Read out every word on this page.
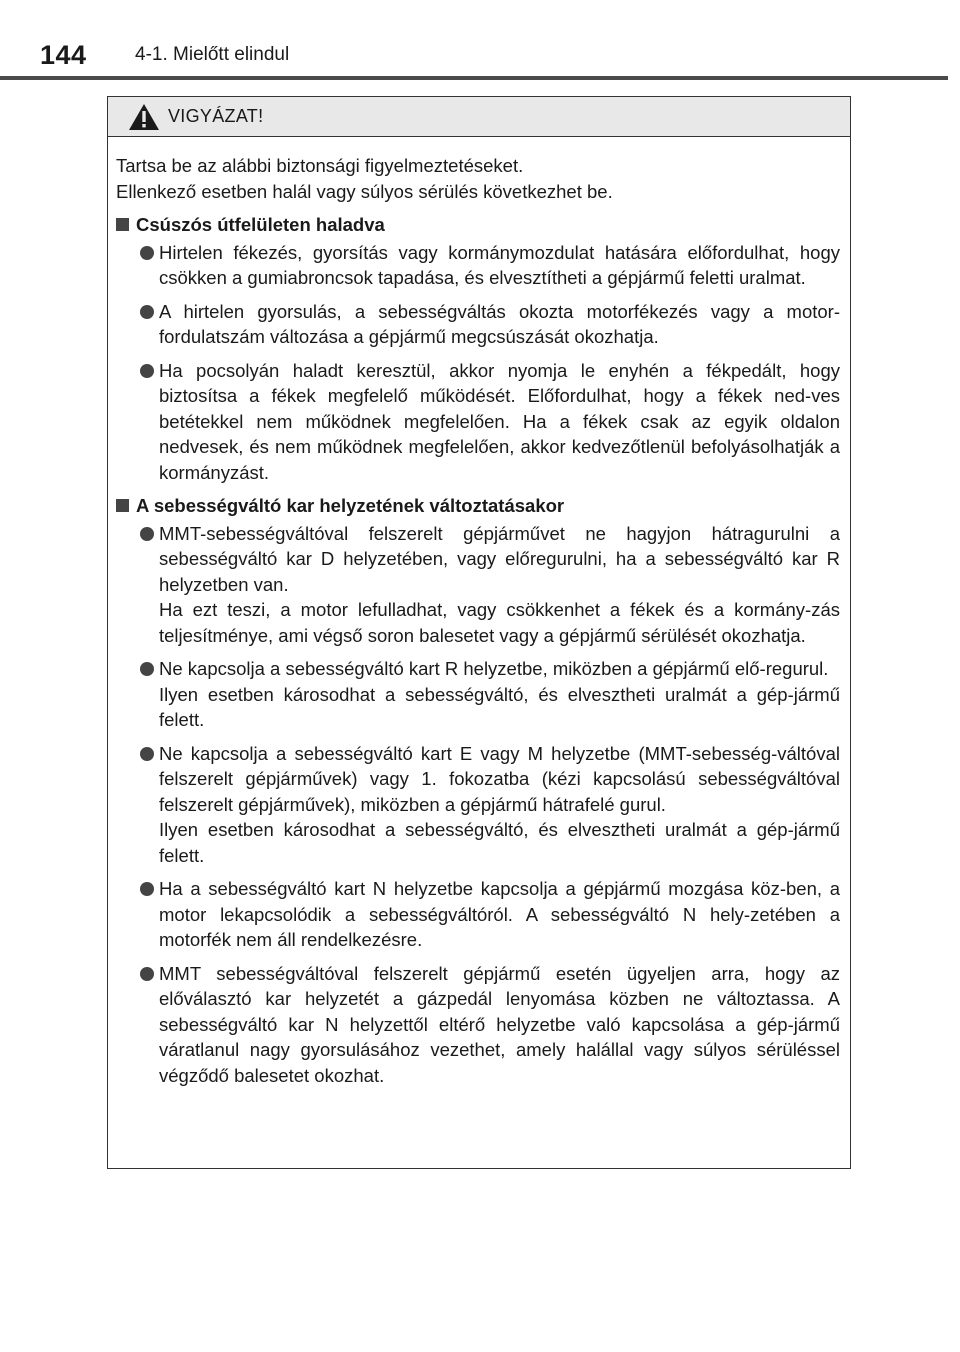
144	4-1. Mielőtt elindul
VIGYÁZAT!

Tartsa be az alábbi biztonsági figyelmeztetéseket.

Ellenkező esetben halál vagy súlyos sérülés következhet be.

Csúszós útfelületen haladva

Hirtelen fékezés, gyorsítás vagy kormánymozdulat hatására előfordulhat, hogy csökken a gumiabroncsok tapadása, és elvesztítheti a gépjármű feletti uralmat.

A hirtelen gyorsulás, a sebességváltás okozta motorfékezés vagy a motor-fordulatszám változása a gépjármű megcsúszását okozhatja.

Ha pocsolyán haladt keresztül, akkor nyomja le enyhén a fékpedált, hogy biztosítsa a fékek megfelelő működését. Előfordulhat, hogy a fékek ned-ves betétekkel nem működnek megfelelően. Ha a fékek csak az egyik oldalon nedvesek, és nem működnek megfelelően, akkor kedvezőtlenül befolyásolhatják a kormányzást.

A sebességváltó kar helyzetének változtatásakor

MMT-sebességváltóval felszerelt gépjárművet ne hagyjon hátragurulni a sebességváltó kar D helyzetében, vagy előregurulni, ha a sebességváltó kar R helyzetben van.

Ha ezt teszi, a motor lefulladhat, vagy csökkenhet a fékek és a kormány-zás teljesítménye, ami végső soron balesetet vagy a gépjármű sérülését okozhatja.

Ne kapcsolja a sebességváltó kart R helyzetbe, miközben a gépjármű elő-regurul.

Ilyen esetben károsodhat a sebességváltó, és elvesztheti uralmát a gép-jármű felett.

Ne kapcsolja a sebességváltó kart E vagy M helyzetbe (MMT-sebesség-váltóval felszerelt gépjárművek) vagy 1. fokozatba (kézi kapcsolású sebességváltóval felszerelt gépjárművek), miközben a gépjármű hátrafelé gurul.

Ilyen esetben károsodhat a sebességváltó, és elvesztheti uralmát a gép-jármű felett.

Ha a sebességváltó kart N helyzetbe kapcsolja a gépjármű mozgása köz-ben, a motor lekapcsolódik a sebességváltóról. A sebességváltó N hely-zetében a motorfék nem áll rendelkezésre.

MMT sebességváltóval felszerelt gépjármű esetén ügyeljen arra, hogy az előválasztó kar helyzetét a gázpedál lenyomása közben ne változtassa. A sebességváltó kar N helyzettől eltérő helyzetbe való kapcsolása a gép-jármű váratlanul nagy gyorsulásához vezethet, amely halállal vagy súlyos sérüléssel végződő balesetet okozhat.
